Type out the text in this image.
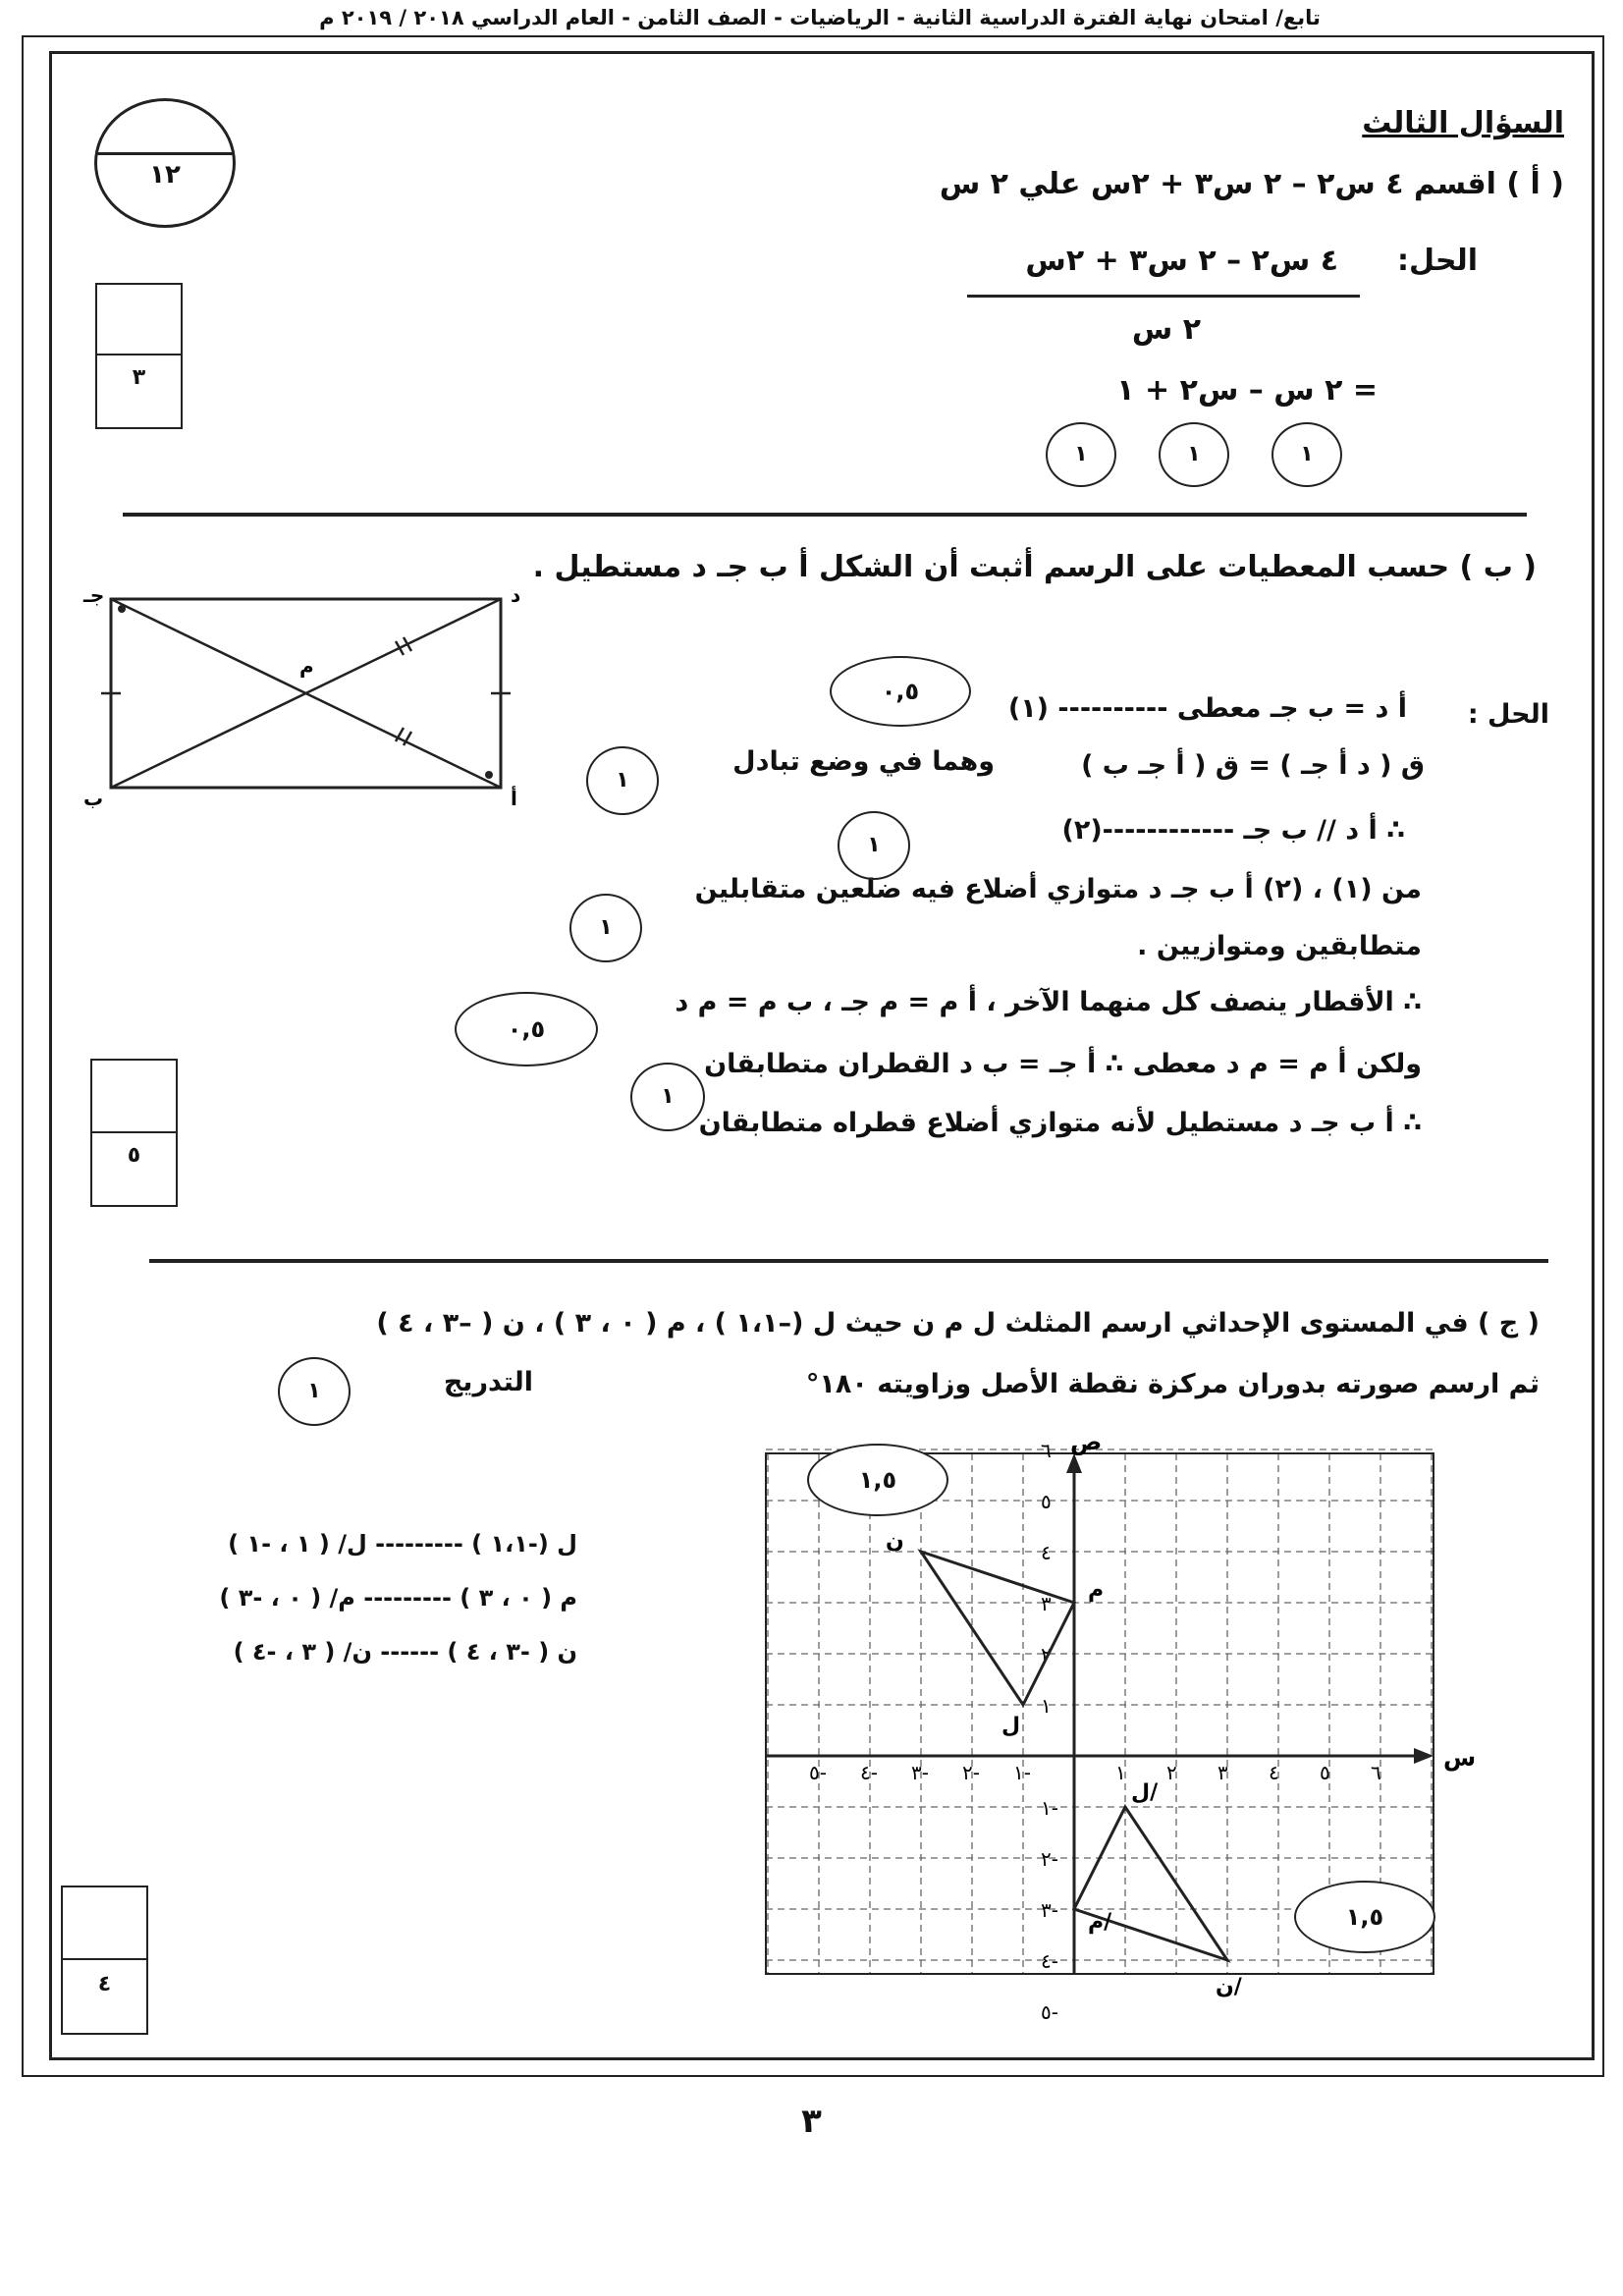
تابع/ امتحان نهاية الفترة الدراسية الثانية - الرياضيات - الصف الثامن - العام الدراسي ٢٠١٨ / ٢٠١٩ م
١٢
السؤال الثالث
( أ ) اقسم ٤ س٢ – ٢ س٣ + ٢س علي ٢ س
الحل:
٤ س٢ – ٢ س٣ + ٢س
٢ س
= ٢ س – س٢ + ١
١	١	١
٣
( ب ) حسب المعطيات على الرسم أثبت أن الشكل أ ب جـ د مستطيل .
جـ	د
ب	أ
م
الحل :
أ د = ب جـ معطى ---------- (١)
ق ( د أ جـ ) = ق ( أ جـ ب )
وهما في وضع تبادل
∴ أ د // ب جـ ------------(٢)
من (١) ، (٢) أ ب جـ د متوازي أضلاع فيه ضلعين متقابلين
متطابقين ومتوازيين .
∴ الأقطار ينصف كل منهما الآخر ، أ م = م جـ ، ب م = م د
ولكن أ م = م د معطى ∴ أ جـ = ب د القطران متطابقان
∴ أ ب جـ د مستطيل لأنه متوازي أضلاع قطراه متطابقان
٠,٥
١
١
١
٠,٥
١
٥
( ج ) في المستوى الإحداثي ارسم المثلث ل م ن حيث ل (–١،١ ) ، م ( ٠ ، ٣ ) ، ن ( –٣ ، ٤ )
ثم ارسم صورته بدوران مركزة نقطة الأصل وزاويته ١٨٠°
التدريج
١
ل (-١،١ ) --------- ل/ ( ١ ، -١ )
م ( ٠ ، ٣ ) --------- م/ ( ٠ ، -٣ )
ن ( -٣ ، ٤ ) ------ ن/ ( ٣ ، -٤ )
س
ص
٥- ٤- ٣- ٢- ١-	١ ٢ ٣ ٤ ٥ ٦
٦
٥
٤
٣
٢
١
١-
٢-
٣-
٤-
٥-
ل
م
ن
ل/
م/
ن/
١,٥
١,٥
٤
٣
